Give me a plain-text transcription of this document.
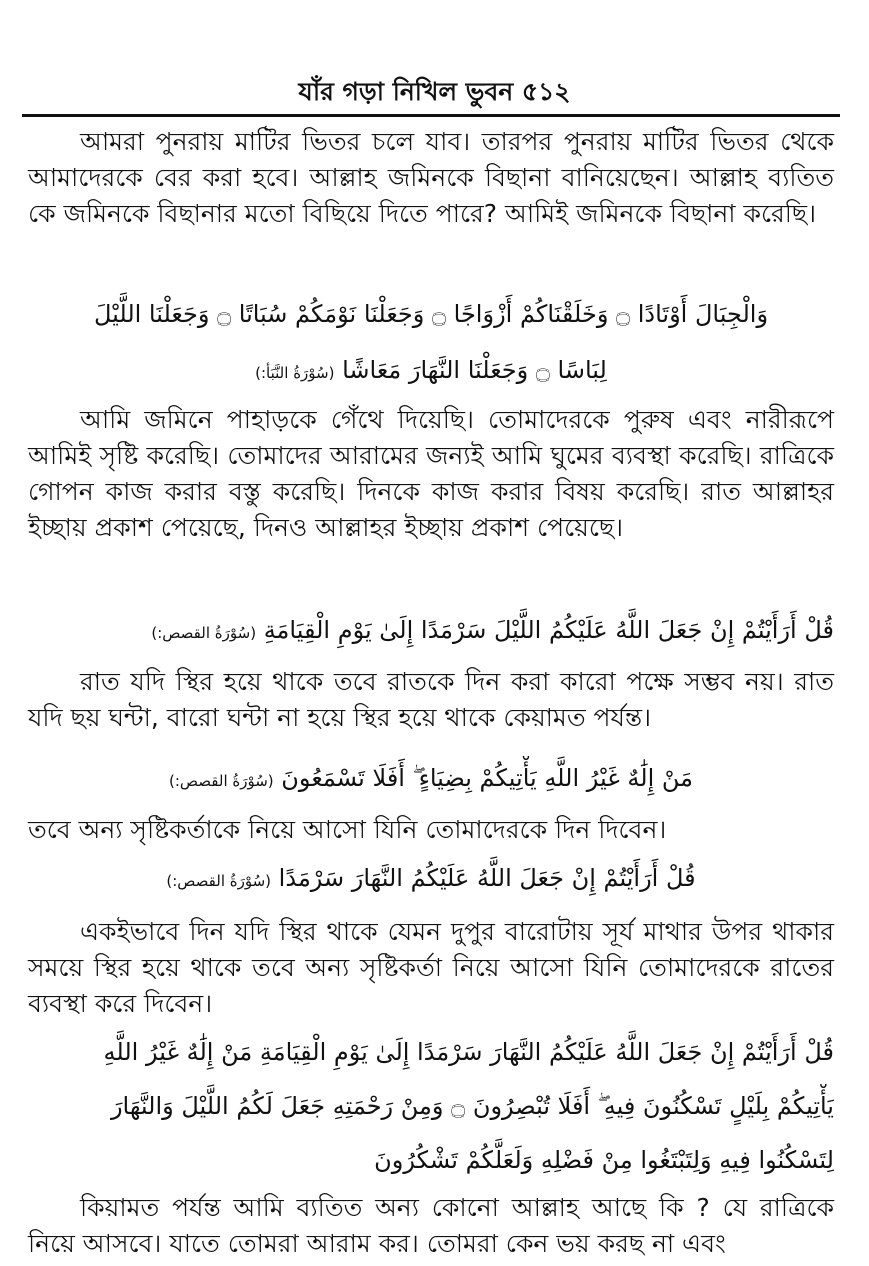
যাঁর গড়া নিখিল ভুবন ৫১২

আমরা পুনরায় মাটির ভিতর চলে যাব। তারপর পুনরায় মাটির ভিতর থেকে আমাদেরকে বের করা হবে। আল্লাহ জমিনকে বিছানা বানিয়েছেন। আল্লাহ ব্যতিত কে জমিনকে বিছানার মতো বিছিয়ে দিতে পারে? আমিই জমিনকে বিছানা করেছি।

وَالْجِبَالَ أَوْتَادًا ۝ وَخَلَقْنَاكُمْ أَزْوَاجًا ۝ وَجَعَلْنَا نَوْمَكُمْ سُبَاتًا ۝ وَجَعَلْنَا اللَّيْلَ

لِبَاسًا ۝ وَجَعَلْنَا النَّهَارَ مَعَاشًا (سُوْرَةُ النَّبَأ:)

আমি জমিনে পাহাড়কে গেঁথে দিয়েছি। তোমাদেরকে পুরুষ এবং নারীরূপে আমিই সৃষ্টি করেছি। তোমাদের আরামের জন্যই আমি ঘুমের ব্যবস্থা করেছি। রাত্রিকে গোপন কাজ করার বস্তু করেছি। দিনকে কাজ করার বিষয় করেছি। রাত আল্লাহর ইচ্ছায় প্রকাশ পেয়েছে, দিনও আল্লাহর ইচ্ছায় প্রকাশ পেয়েছে।

قُلْ أَرَأَيْتُمْ إِنْ جَعَلَ اللَّهُ عَلَيْكُمُ اللَّيْلَ سَرْمَدًا إِلَىٰ يَوْمِ الْقِيَامَةِ (سُوْرَةُ القصص:)

রাত যদি স্থির হয়ে থাকে তবে রাতকে দিন করা কারো পক্ষে সম্ভব নয়। রাত যদি ছয় ঘন্টা, বারো ঘন্টা না হয়ে স্থির হয়ে থাকে কেয়ামত পর্যন্ত।

مَنْ إِلَٰهٌ غَيْرُ اللَّهِ يَأْتِيكُمْ بِضِيَاءٍ ۖ أَفَلَا تَسْمَعُونَ (سُوْرَةُ القصص:)

তবে অন্য সৃষ্টিকর্তাকে নিয়ে আসো যিনি তোমাদেরকে দিন দিবেন।

قُلْ أَرَأَيْتُمْ إِنْ جَعَلَ اللَّهُ عَلَيْكُمُ النَّهَارَ سَرْمَدًا (سُوْرَةُ القصص:)

একইভাবে দিন যদি স্থির থাকে যেমন দুপুর বারোটায় সূর্য মাথার উপর থাকার সময়ে স্থির হয়ে থাকে তবে অন্য সৃষ্টিকর্তা নিয়ে আসো যিনি তোমাদেরকে রাতের ব্যবস্থা করে দিবেন।

قُلْ أَرَأَيْتُمْ إِنْ جَعَلَ اللَّهُ عَلَيْكُمُ النَّهَارَ سَرْمَدًا إِلَىٰ يَوْمِ الْقِيَامَةِ مَنْ إِلَٰهٌ غَيْرُ اللَّهِ

يَأْتِيكُمْ بِلَيْلٍ تَسْكُنُونَ فِيهِ ۖ أَفَلَا تُبْصِرُونَ ۝ وَمِنْ رَحْمَتِهِ جَعَلَ لَكُمُ اللَّيْلَ وَالنَّهَارَ

لِتَسْكُنُوا فِيهِ وَلِتَبْتَغُوا مِنْ فَضْلِهِ وَلَعَلَّكُمْ تَشْكُرُونَ

কিয়ামত পর্যন্ত আমি ব্যতিত অন্য কোনো আল্লাহ আছে কি ? যে রাত্রিকে নিয়ে আসবে। যাতে তোমরা আরাম কর। তোমরা কেন ভয় করছ না এবং
